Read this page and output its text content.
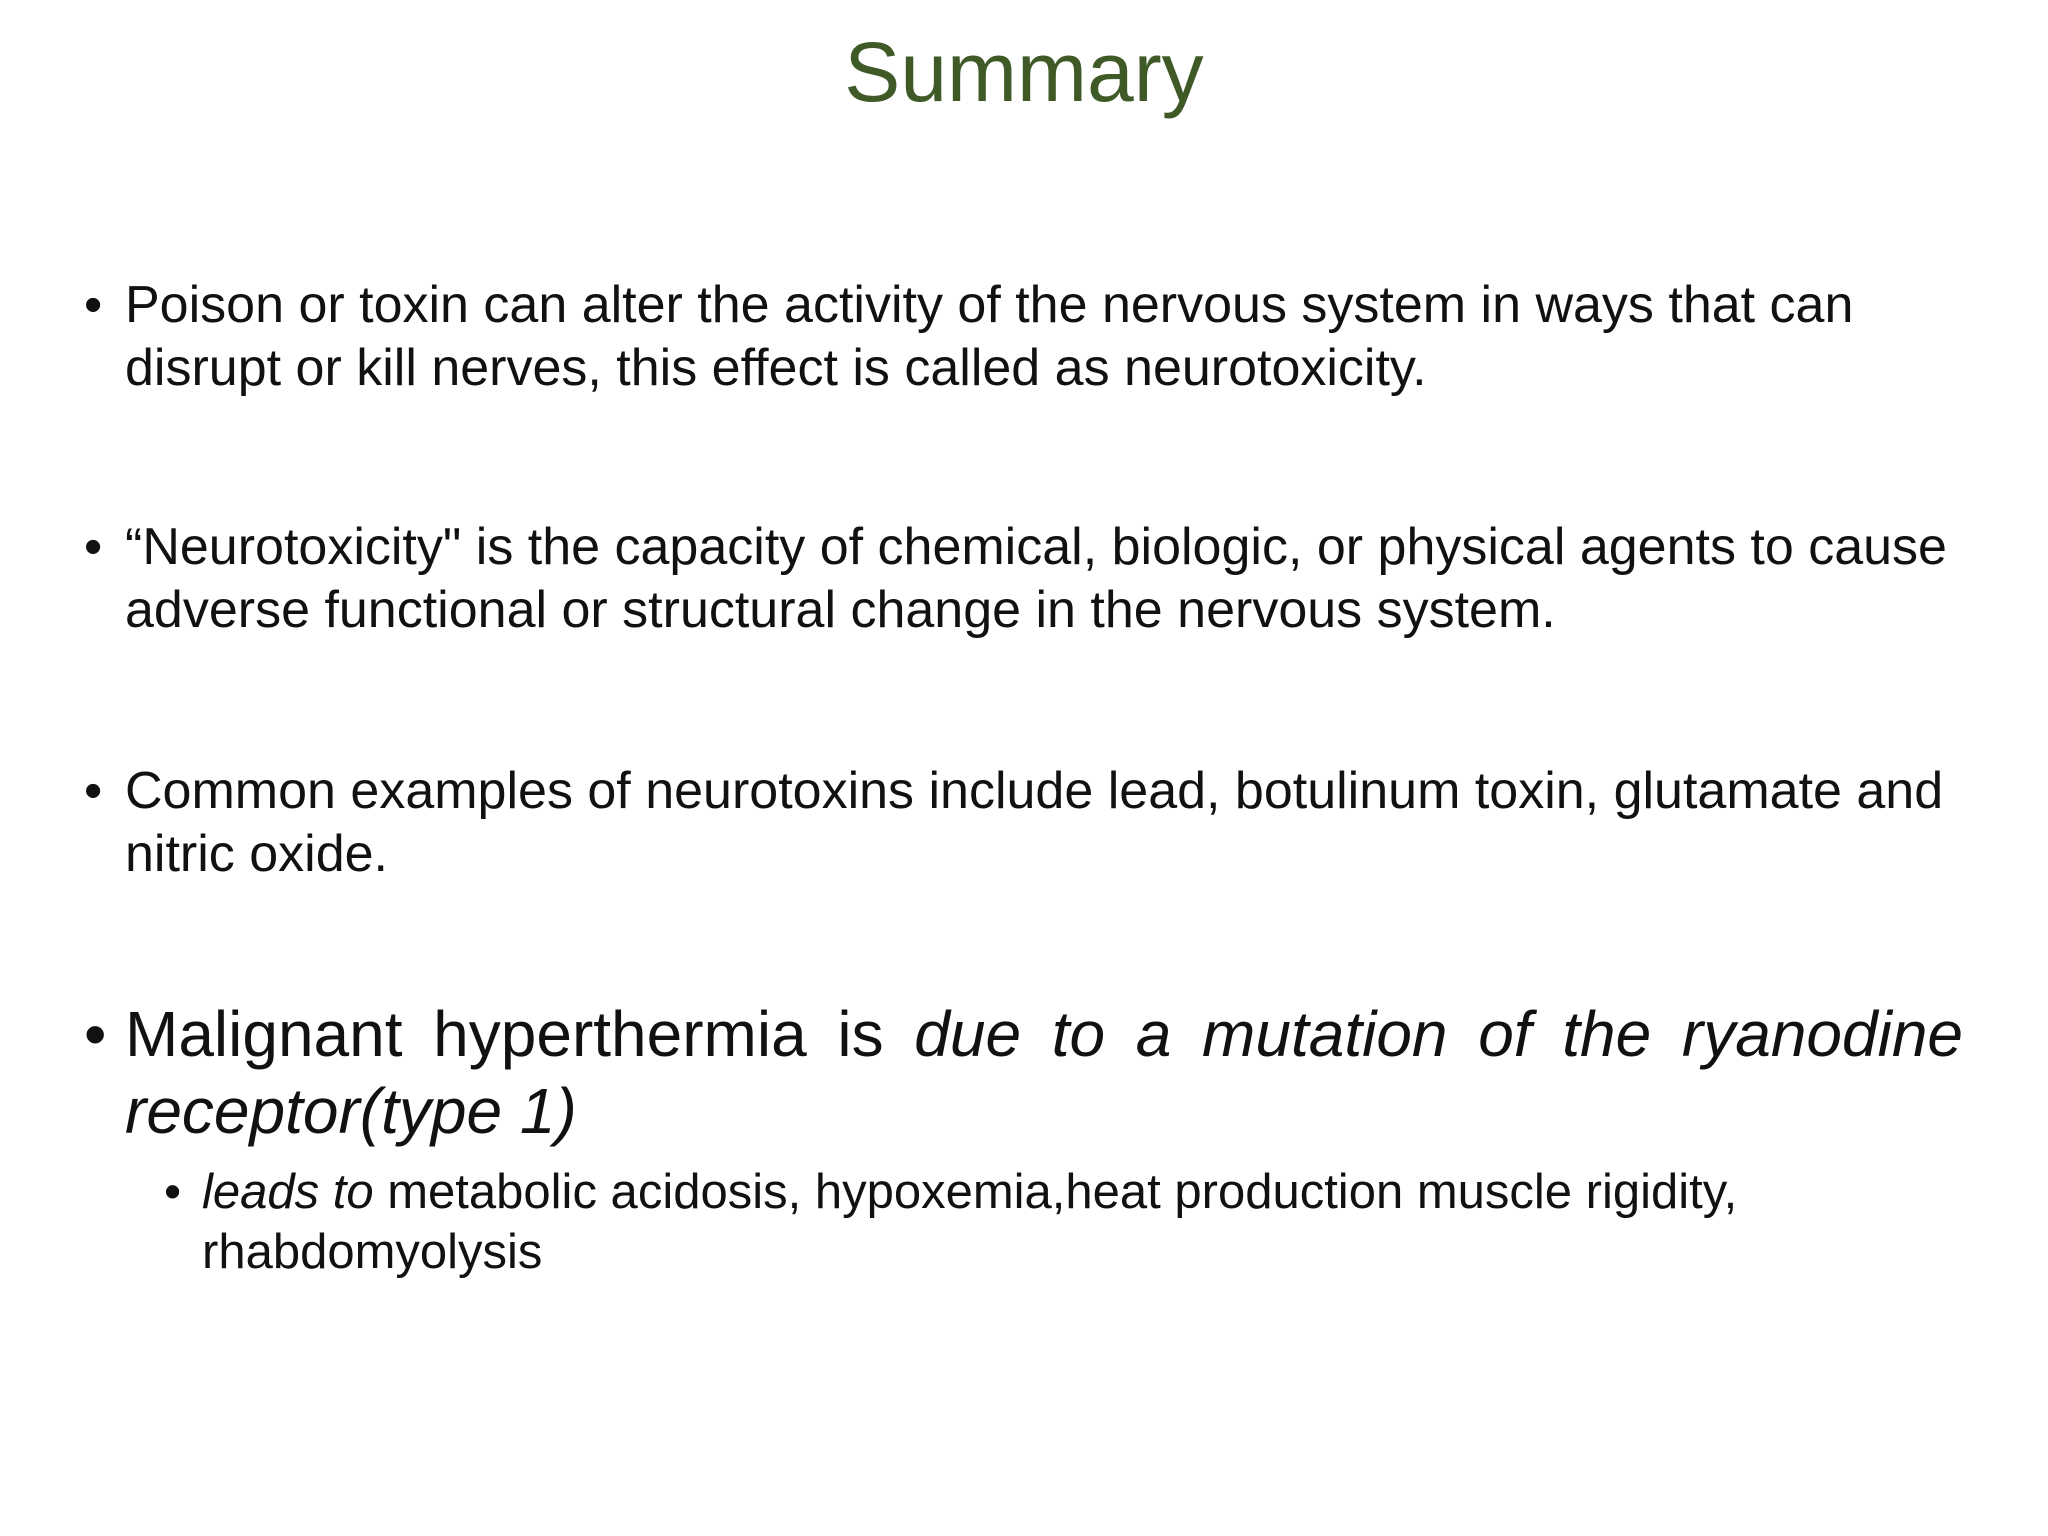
Summary
• Poison or toxin can alter the activity of the nervous system in ways that can disrupt or kill nerves, this effect is called as neurotoxicity.
• “Neurotoxicity" is the capacity of chemical, biologic, or physical agents to cause adverse functional or structural change in the nervous system.
• Common examples of neurotoxins include lead, botulinum toxin, glutamate and nitric oxide.
• Malignant hyperthermia is due to a mutation of the ryanodine receptor(type 1)
• leads to metabolic acidosis, hypoxemia,heat production muscle rigidity, rhabdomyolysis
